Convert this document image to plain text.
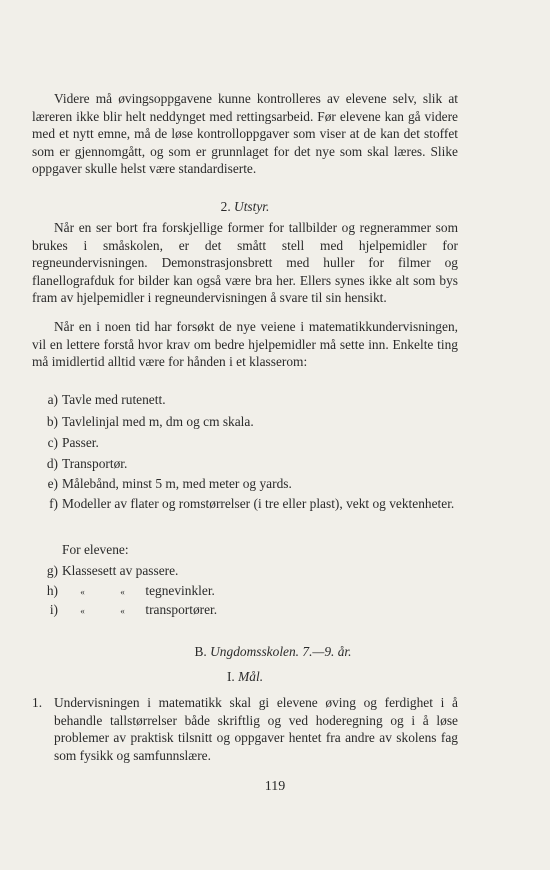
Videre må øvingsoppgavene kunne kontrolleres av elevene selv, slik at læreren ikke blir helt neddynget med rettingsarbeid. Før elevene kan gå videre med et nytt emne, må de løse kontrolloppgaver som viser at de kan det stoffet som er gjennomgått, og som er grunnlaget for det nye som skal læres. Slike oppgaver skulle helst være standardiserte.

2. Utstyr.

Når en ser bort fra forskjellige former for tallbilder og regnerammer som brukes i småskolen, er det smått stell med hjelpemidler for regneundervisningen. Demonstrasjonsbrett med huller for filmer og flanellografduk for bilder kan også være bra her. Ellers synes ikke alt som bys fram av hjelpemidler i regneundervisningen å svare til sin hensikt.

Når en i noen tid har forsøkt de nye veiene i matematikkundervisningen, vil en lettere forstå hvor krav om bedre hjelpemidler må sette inn. Enkelte ting må imidlertid alltid være for hånden i et klasserom:

a) Tavle med rutenett.
b) Tavlelinjal med m, dm og cm skala.
c) Passer.
d) Transportør.
e) Målebånd, minst 5 m, med meter og yards.
f) Modeller av flater og romstørrelser (i tre eller plast), vekt og vektenheter.

For elevene:

g) Klassesett av passere.
h)	«	« tegnevinkler.
i)	«	« transportører.

B. Ungdomsskolen. 7.—9. år.

I. Mål.

1. Undervisningen i matematikk skal gi elevene øving og ferdighet i å behandle tallstørrelser både skriftlig og ved hoderegning og i å løse problemer av praktisk tilsnitt og oppgaver hentet fra andre av skolens fag som fysikk og samfunnslære.
119
